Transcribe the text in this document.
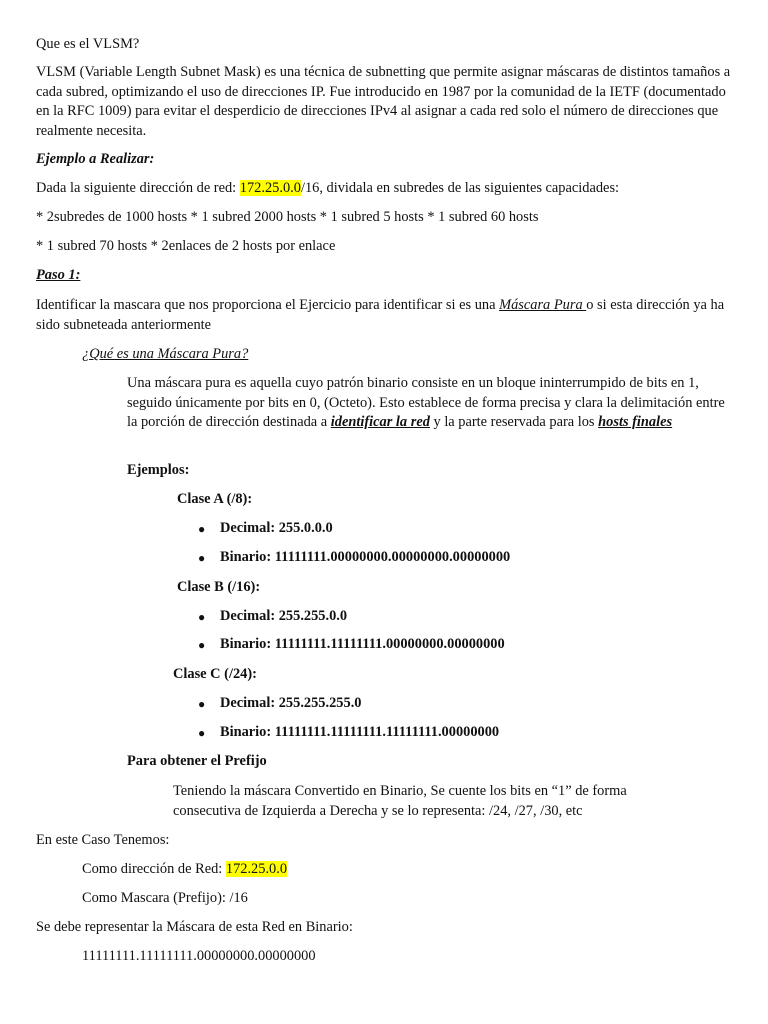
Que es el VLSM?

VLSM (Variable Length Subnet Mask) es una técnica de subnetting que permite asignar máscaras de distintos tamaños a cada subred, optimizando el uso de direcciones IP. Fue introducido en 1987 por la comunidad de la IETF (documentado en la RFC 1009) para evitar el desperdicio de direcciones IPv4 al asignar a cada red solo el número de direcciones que realmente necesita.

Ejemplo a Realizar:

Dada la siguiente dirección de red: 172.25.0.0/16, dividala en subredes de las siguientes capacidades:

* 2subredes de 1000 hosts * 1 subred 2000 hosts * 1 subred 5 hosts * 1 subred 60 hosts

* 1 subred 70 hosts * 2enlaces de 2 hosts por enlace

Paso 1:

Identificar la mascara que nos proporciona el Ejercicio para identificar si es una Máscara Pura o si esta dirección ya ha sido subneteada anteriormente

¿Qué es una Máscara Pura?

Una máscara pura es aquella cuyo patrón binario consiste en un bloque ininterrumpido de bits en 1, seguido únicamente por bits en 0, (Octeto). Esto establece de forma precisa y clara la delimitación entre la porción de dirección destinada a identificar la red y la parte reservada para los hosts finales

Ejemplos:

Clase A (/8):

● Decimal: 255.0.0.0

● Binario: 11111111.00000000.00000000.00000000

Clase B (/16):

● Decimal: 255.255.0.0

● Binario: 11111111.11111111.00000000.00000000

Clase C (/24):

● Decimal: 255.255.255.0

● Binario: 11111111.11111111.11111111.00000000

Para obtener el Prefijo

Teniendo la máscara Convertido en Binario, Se cuente los bits en “1” de forma consecutiva de Izquierda a Derecha y se lo representa: /24, /27, /30, etc

En este Caso Tenemos:

Como dirección de Red: 172.25.0.0

Como Mascara (Prefijo): /16

Se debe representar la Máscara de esta Red en Binario:

11111111.11111111.00000000.00000000
